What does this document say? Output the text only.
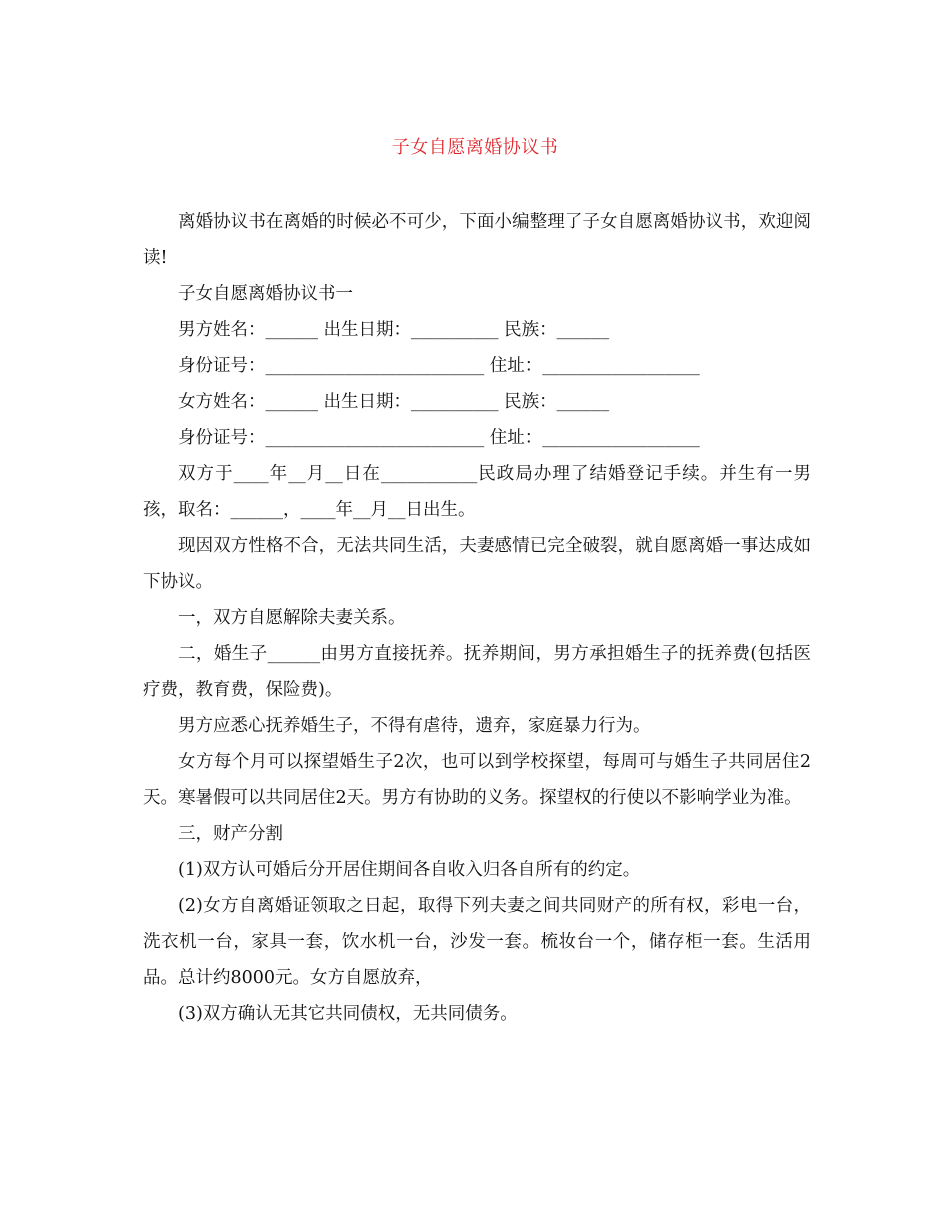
子女自愿离婚协议书

离婚协议书在离婚的时候必不可少，下面小编整理了子女自愿离婚协议书，欢迎阅读!

子女自愿离婚协议书一

男方姓名：______ 出生日期：__________ 民族：______

身份证号：_________________________ 住址：__________________

女方姓名：______ 出生日期：__________ 民族：______

身份证号：_________________________ 住址：__________________

双方于____年__月__日在___________民政局办理了结婚登记手续。并生有一男孩，取名：______，____年__月__日出生。

现因双方性格不合，无法共同生活，夫妻感情已完全破裂，就自愿离婚一事达成如下协议。

一，双方自愿解除夫妻关系。

二，婚生子______由男方直接抚养。抚养期间，男方承担婚生子的抚养费(包括医疗费，教育费，保险费)。

男方应悉心抚养婚生子，不得有虐待，遗弃，家庭暴力行为。

女方每个月可以探望婚生子2次，也可以到学校探望，每周可与婚生子共同居住2天。寒暑假可以共同居住2天。男方有协助的义务。探望权的行使以不影响学业为准。

三，财产分割

(1)双方认可婚后分开居住期间各自收入归各自所有的约定。

(2)女方自离婚证领取之日起，取得下列夫妻之间共同财产的所有权，彩电一台，洗衣机一台，家具一套，饮水机一台，沙发一套。梳妆台一个，储存柜一套。生活用品。总计约8000元。女方自愿放弃，

(3)双方确认无其它共同债权，无共同债务。
